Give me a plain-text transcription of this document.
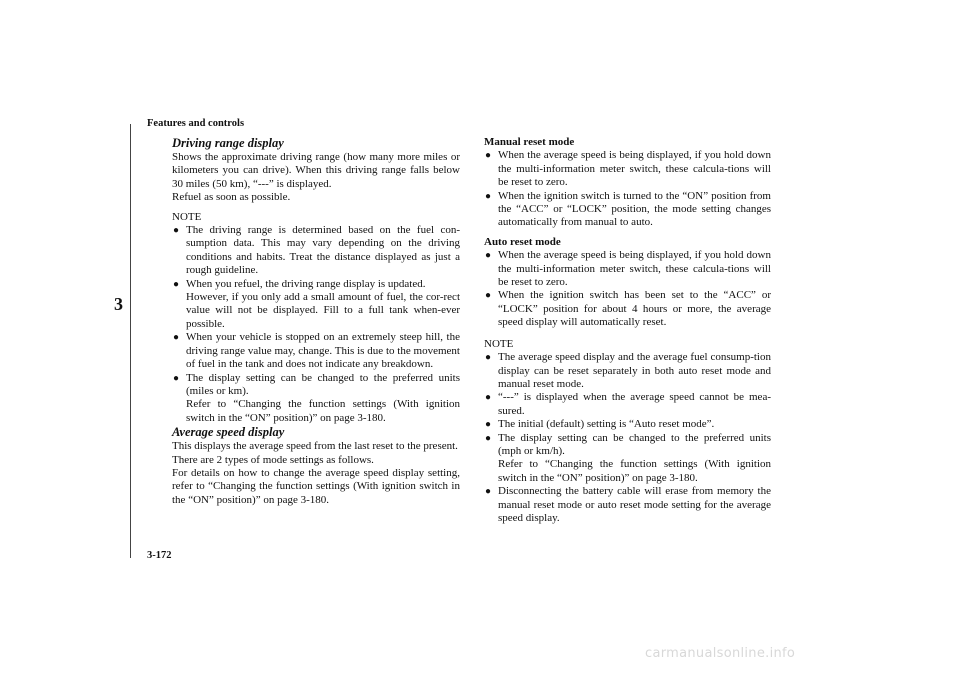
Features and controls
3
Driving range display

Shows the approximate driving range (how many more miles or kilometers you can drive). When this driving range falls below 30 miles (50 km), “---” is displayed.

Refuel as soon as possible.

NOTE

● The driving range is determined based on the fuel con-sumption data. This may vary depending on the driving conditions and habits. Treat the distance displayed as just a rough guideline.
● When you refuel, the driving range display is updated.
However, if you only add a small amount of fuel, the cor-rect value will not be displayed. Fill to a full tank when-ever possible.
● When your vehicle is stopped on an extremely steep hill, the driving range value may, change. This is due to the movement of fuel in the tank and does not indicate any breakdown.
● The display setting can be changed to the preferred units (miles or km).
Refer to “Changing the function settings (With ignition switch in the “ON” position)” on page 3-180.
Average speed display

This displays the average speed from the last reset to the present.

There are 2 types of mode settings as follows.

For details on how to change the average speed display setting, refer to “Changing the function settings (With ignition switch in the “ON” position)” on page 3-180.

Manual reset mode

● When the average speed is being displayed, if you hold down the multi-information meter switch, these calcula-tions will be reset to zero.
● When the ignition switch is turned to the “ON” position from the “ACC” or “LOCK” position, the mode setting changes automatically from manual to auto.

Auto reset mode

● When the average speed is being displayed, if you hold down the multi-information meter switch, these calcula-tions will be reset to zero.
● When the ignition switch has been set to the “ACC” or “LOCK” position for about 4 hours or more, the average speed display will automatically reset.

NOTE

● The average speed display and the average fuel consump-tion display can be reset separately in both auto reset mode and manual reset mode.
● “---” is displayed when the average speed cannot be mea-sured.
● The initial (default) setting is “Auto reset mode”.
● The display setting can be changed to the preferred units (mph or km/h).
Refer to “Changing the function settings (With ignition switch in the “ON” position)” on page 3-180.
● Disconnecting the battery cable will erase from memory the manual reset mode or auto reset mode setting for the average speed display.
3-172
carmanualsonline.info
